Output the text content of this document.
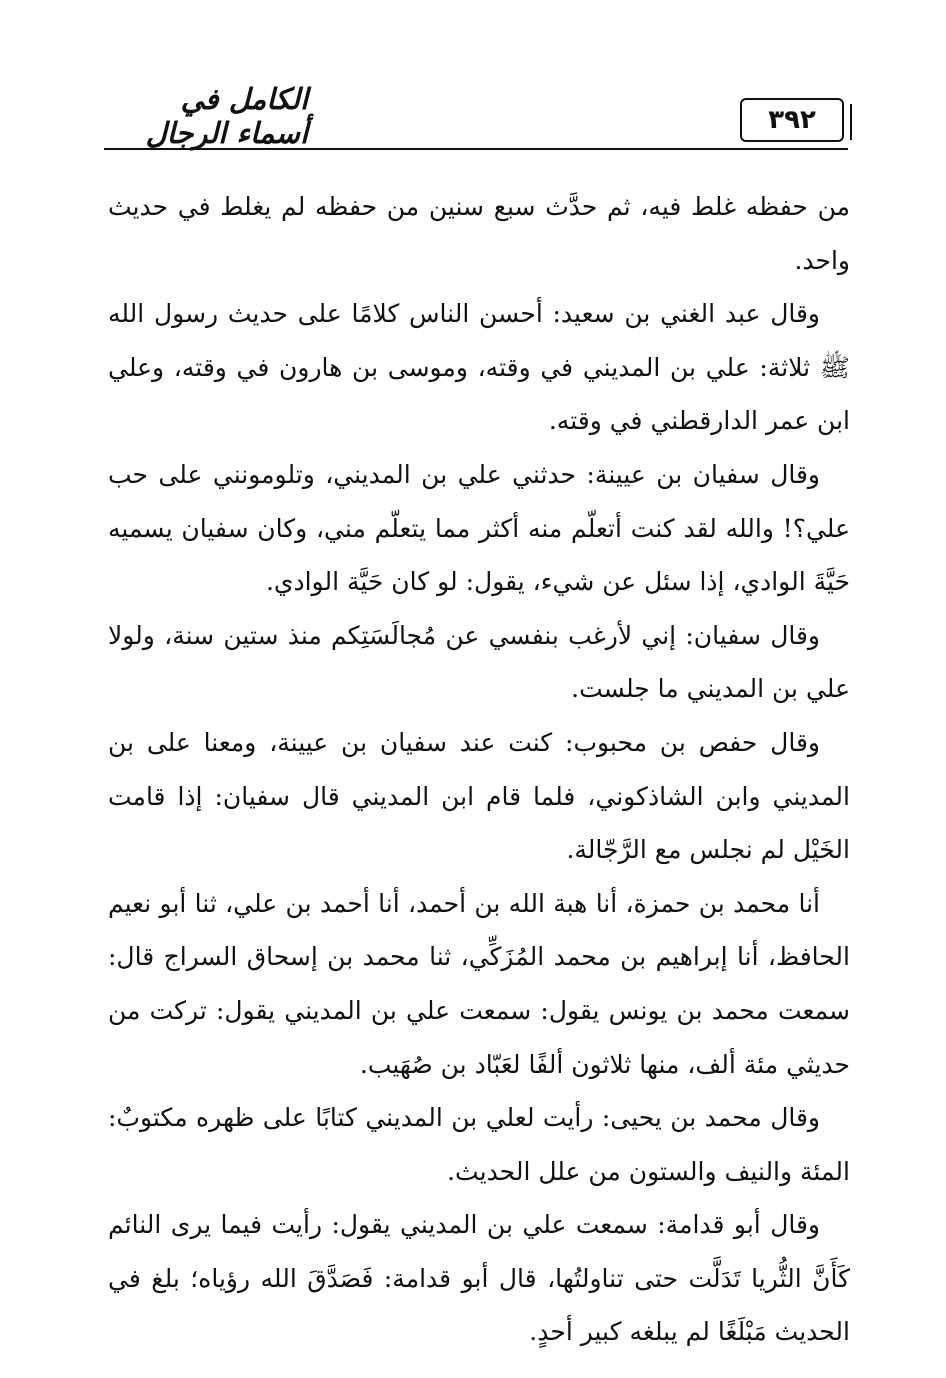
٣٩٢
الكامل في أسماء الرجال

من حفظه غلط فيه، ثم حدَّث سبع سنين من حفظه لم يغلط في حديث واحد.

وقال عبد الغني بن سعيد: أحسن الناس كلامًا على حديث رسول الله ﷺ ثلاثة: علي بن المديني في وقته، وموسى بن هارون في وقته، وعلي ابن عمر الدارقطني في وقته.

وقال سفيان بن عيينة: حدثني علي بن المديني، وتلومونني على حب علي؟! والله لقد كنت أتعلّم منه أكثر مما يتعلّم مني، وكان سفيان يسميه حَيَّةَ الوادي، إذا سئل عن شيء، يقول: لو كان حَيَّة الوادي.

وقال سفيان: إني لأرغب بنفسي عن مُجالَسَتِكم منذ ستين سنة، ولولا علي بن المديني ما جلست.

وقال حفص بن محبوب: كنت عند سفيان بن عيينة، ومعنا على بن المديني وابن الشاذكوني، فلما قام ابن المديني قال سفيان: إذا قامت الخَيْل لم نجلس مع الرَّجّالة.

أنا محمد بن حمزة، أنا هبة الله بن أحمد، أنا أحمد بن علي، ثنا أبو نعيم الحافظ، أنا إبراهيم بن محمد المُزَكِّي، ثنا محمد بن إسحاق السراج قال: سمعت محمد بن يونس يقول: سمعت علي بن المديني يقول: تركت من حديثي مئة ألف، منها ثلاثون ألفًا لعَبّاد بن صُهَيب.

وقال محمد بن يحيى: رأيت لعلي بن المديني كتابًا على ظهره مكتوبٌ: المئة والنيف والستون من علل الحديث.

وقال أبو قدامة: سمعت علي بن المديني يقول: رأيت فيما يرى النائم كَأَنَّ الثُّريا تَدَلَّت حتى تناولتُها، قال أبو قدامة: فَصَدَّقَ الله رؤياه؛ بلغ في الحديث مَبْلَغًا لم يبلغه كبير أحدٍ.
